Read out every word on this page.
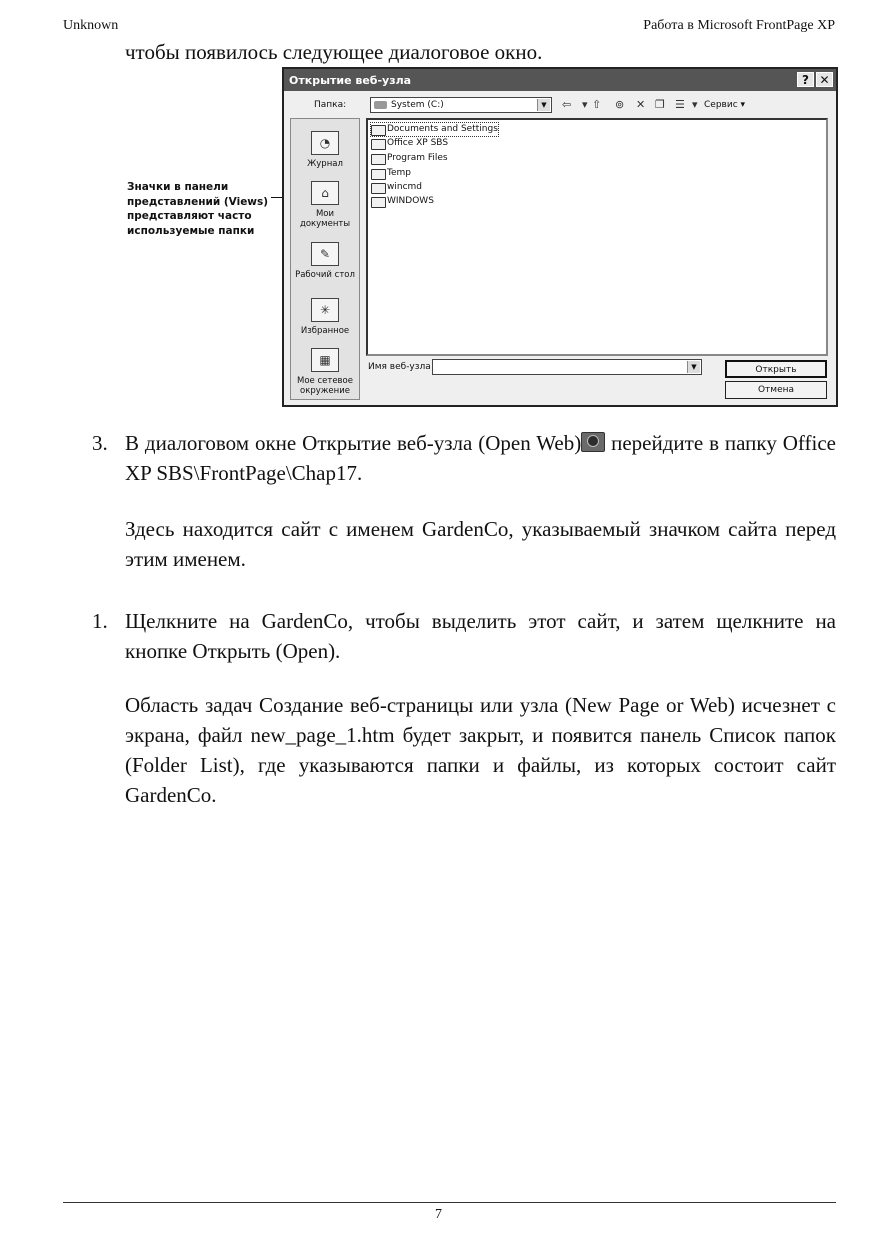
Unknown	Работа в Microsoft FrontPage XP
чтобы появилось следующее диалоговое окно.
Значки в панели представлений (Views) представляют часто используемые папки
Открытие веб-узла	? ✕
Папка:	System (C:)	▼	⇦ ▾ ⇧ ⊚ ✕ ❐ ☰ ▾ Сервис ▾
◔
Журнал
⌂
Мои документы
✎
Рабочий стол
✳
Избранное
▦
Мое сетевое окружение
Documents and Settings
Office XP SBS
Program Files
Temp
wincmd
WINDOWS
Имя веб-узла	▼	Открыть
Отмена
3. В диалоговом окне Открытие веб-узла (Open Web) перейдите в папку Office XP SBS\FrontPage\Chap17.
Здесь находится сайт с именем GardenCo, указываемый значком сайта перед этим именем.
1. Щелкните на GardenCo, чтобы выделить этот сайт, и затем щелкните на кнопке Открыть (Open).
Область задач Создание веб-страницы или узла (New Page or Web) исчезнет с экрана, файл new_page_1.htm будет закрыт, и появится панель Список папок (Folder List), где указываются папки и файлы, из которых состоит сайт GardenCo.
7
